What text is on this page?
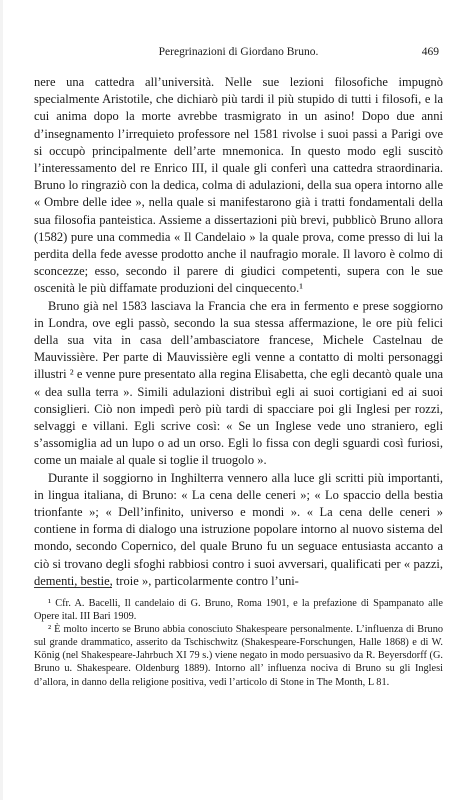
Peregrinazioni di Giordano Bruno.	469

nere una cattedra all’università. Nelle sue lezioni filosofiche impugnò specialmente Aristotile, che dichiarò più tardi il più stupido di tutti i filosofi, e la cui anima dopo la morte avrebbe trasmigrato in un asino! Dopo due anni d’insegnamento l’irrequieto professore nel 1581 rivolse i suoi passi a Parigi ove si occupò principalmente dell’arte mnemonica. In questo modo egli suscitò l’interessamento del re Enrico III, il quale gli conferì una cattedra straordinaria. Bruno lo ringraziò con la dedica, colma di adulazioni, della sua opera intorno alle « Ombre delle idee », nella quale si manifestarono già i tratti fondamentali della sua filosofia panteistica. Assieme a dissertazioni più brevi, pubblicò Bruno allora (1582) pure una commedia « Il Candelaio » la quale prova, come presso di lui la perdita della fede avesse prodotto anche il naufragio morale. Il lavoro è colmo di sconcezze; esso, secondo il parere di giudici competenti, supera con le sue oscenità le più diffamate produzioni del cinquecento.¹

Bruno già nel 1583 lasciava la Francia che era in fermento e prese soggiorno in Londra, ove egli passò, secondo la sua stessa affermazione, le ore più felici della sua vita in casa dell’ambasciatore francese, Michele Castelnau de Mauvissière. Per parte di Mauvissière egli venne a contatto di molti personaggi illustri ² e venne pure presentato alla regina Elisabetta, che egli decantò quale una « dea sulla terra ». Simili adulazioni distribuì egli ai suoi cortigiani ed ai suoi consiglieri. Ciò non impedì però più tardi di spacciare poi gli Inglesi per rozzi, selvaggi e villani. Egli scrive così: « Se un Inglese vede uno straniero, egli s’assomiglia ad un lupo o ad un orso. Egli lo fissa con degli sguardi così furiosi, come un maiale al quale si toglie il truogolo ».

Durante il soggiorno in Inghilterra vennero alla luce gli scritti più importanti, in lingua italiana, di Bruno: « La cena delle ceneri »; « Lo spaccio della bestia trionfante »; « Dell’infinito, universo e mondi ». « La cena delle ceneri » contiene in forma di dialogo una istruzione popolare intorno al nuovo sistema del mondo, secondo Copernico, del quale Bruno fu un seguace entusiasta accanto a ciò si trovano degli sfoghi rabbiosi contro i suoi avversari, qualificati per « pazzi, dementi, bestie, troie », particolarmente contro l’uni-

¹ Cfr. A. Bacelli, Il candelaio di G. Bruno, Roma 1901, e la prefazione di Spampanato alle Opere ital. III Bari 1909.

² È molto incerto se Bruno abbia conosciuto Shakespeare personalmente. L’influenza di Bruno sul grande drammatico, asserito da Tschischwitz (Shakespeare-Forschungen, Halle 1868) e di W. König (nel Shakespeare-Jahrbuch XI 79 s.) viene negato in modo persuasivo da R. Beyersdorff (G. Bruno u. Shakespeare. Oldenburg 1889). Intorno all’ influenza nociva di Bruno su gli Inglesi d’allora, in danno della religione positiva, vedi l’articolo di Stone in The Month, L 81.
